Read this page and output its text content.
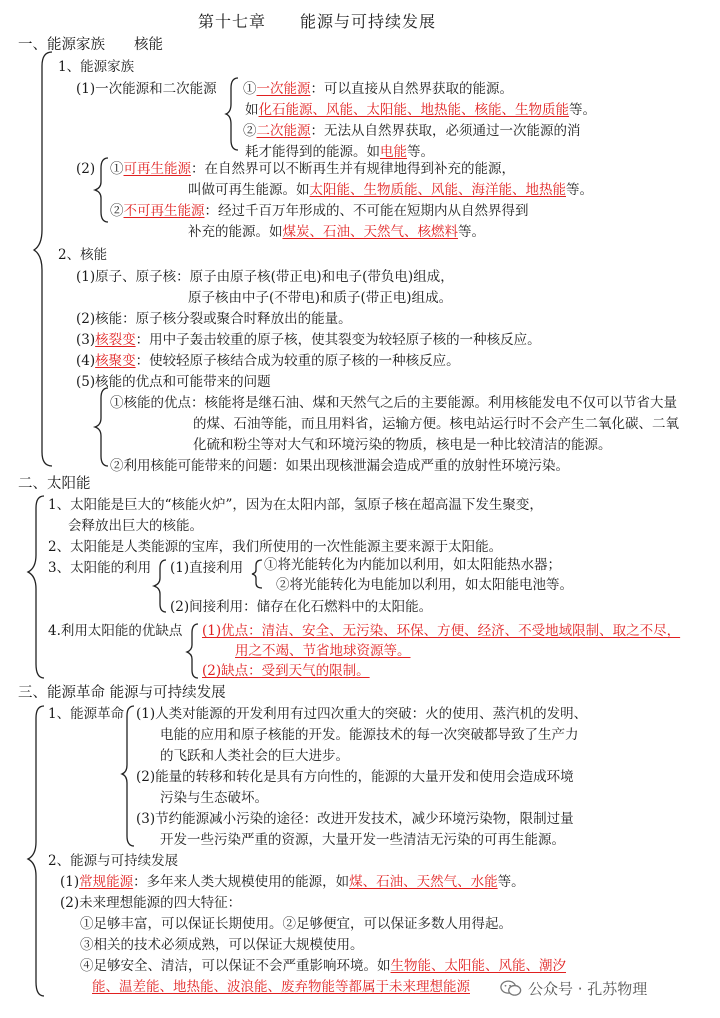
第十七章　　能源与可持续发展
一、能源家族　　核能
1、能源家族
(1)一次能源和二次能源 ①一次能源：可以直接从自然界获取的能源。
如化石能源、风能、太阳能、地热能、核能、生物质能等。
②二次能源：无法从自然界获取，必须通过一次能源的消
耗才能得到的能源。如电能等。
(2) ①可再生能源：在自然界可以不断再生并有规律地得到补充的能源，
叫做可再生能源。如太阳能、生物质能、风能、海洋能、地热能等。
②不可再生能源：经过千百万年形成的、不可能在短期内从自然界得到
补充的能源。如煤炭、石油、天然气、核燃料等。
2、核能
(1)原子、原子核：原子由原子核(带正电)和电子(带负电)组成，
原子核由中子(不带电)和质子(带正电)组成。
(2)核能：原子核分裂或聚合时释放出的能量。
(3)核裂变：用中子轰击较重的原子核，使其裂变为较轻原子核的一种核反应。
(4)核聚变：使较轻原子核结合成为较重的原子核的一种核反应。
(5)核能的优点和可能带来的问题
①核能的优点：核能将是继石油、煤和天然气之后的主要能源。利用核能发电不仅可以节省大量
的煤、石油等能，而且用料省，运输方便。核电站运行时不会产生二氧化碳、二氧
化硫和粉尘等对大气和环境污染的物质，核电是一种比较清洁的能源。
②利用核能可能带来的问题：如果出现核泄漏会造成严重的放射性环境污染。
二、太阳能
1、太阳能是巨大的“核能火炉”，因为在太阳内部，氢原子核在超高温下发生聚变，
会释放出巨大的核能。
2、太阳能是人类能源的宝库，我们所使用的一次性能源主要来源于太阳能。
3、太阳能的利用 (1)直接利用 ①将光能转化为内能加以利用，如太阳能热水器；
②将光能转化为电能加以利用，如太阳能电池等。
(2)间接利用：储存在化石燃料中的太阳能。
4.利用太阳能的优缺点 (1)优点：清洁、安全、无污染、环保、方便、经济、不受地域限制、取之不尽，
用之不竭、节省地球资源等。
(2)缺点：受到天气的限制。
三、能源革命 能源与可持续发展
1、能源革命 (1)人类对能源的开发利用有过四次重大的突破：火的使用、蒸汽机的发明、
电能的应用和原子核能的开发。能源技术的每一次突破都导致了生产力
的飞跃和人类社会的巨大进步。
(2)能量的转移和转化是具有方向性的，能源的大量开发和使用会造成环境
污染与生态破坏。
(3)节约能源减小污染的途径：改进开发技术，减少环境污染物，限制过量
开发一些污染严重的资源，大量开发一些清洁无污染的可再生能源。
2、能源与可持续发展
(1)常规能源：多年来人类大规模使用的能源，如煤、石油、天然气、水能等。
(2)未来理想能源的四大特征：
①足够丰富，可以保证长期使用。②足够便宜，可以保证多数人用得起。
③相关的技术必须成熟，可以保证大规模使用。
④足够安全、清洁，可以保证不会严重影响环境。如生物能、太阳能、风能、潮汐
能、温差能、地热能、波浪能、废弃物能等都属于未来理想能源	公众号 · 孔苏物理
